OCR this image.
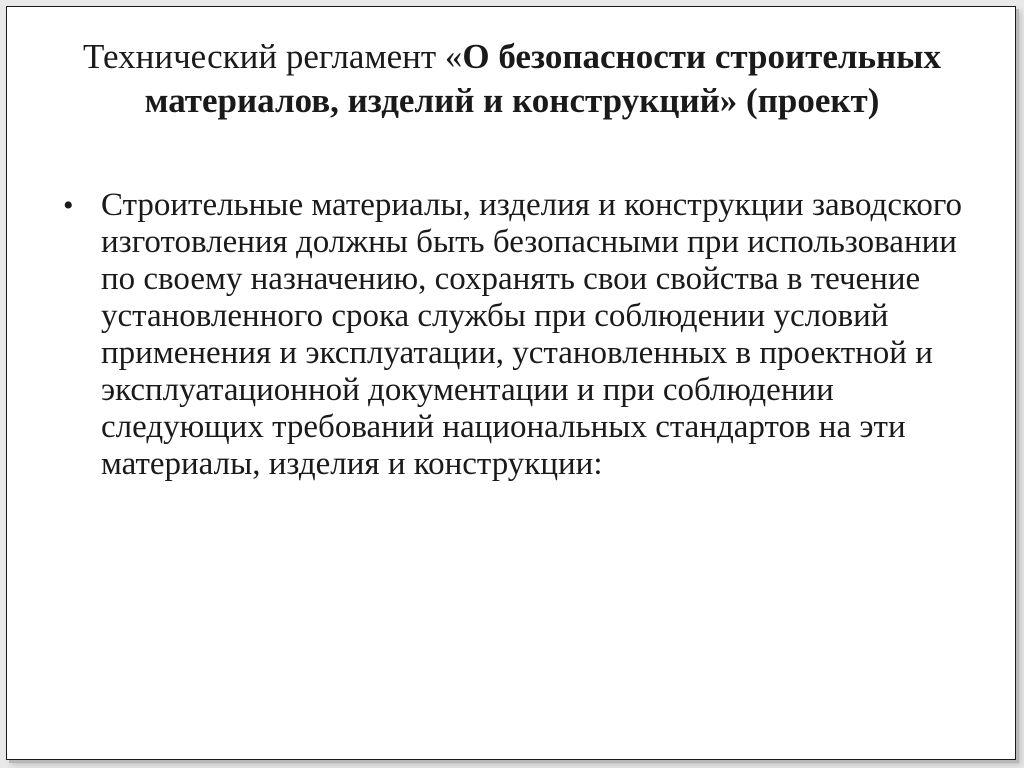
Технический регламент «О безопасности строительных материалов, изделий и конструкций» (проект)
• Строительные материалы, изделия и конструкции заводского изготовления должны быть безопасными при использовании по своему назначению, сохранять свои свойства в течение установленного срока службы при соблюдении условий применения и эксплуатации, установленных в проектной и эксплуатационной документации и при соблюдении следующих требований национальных стандартов на эти материалы, изделия и конструкции:
